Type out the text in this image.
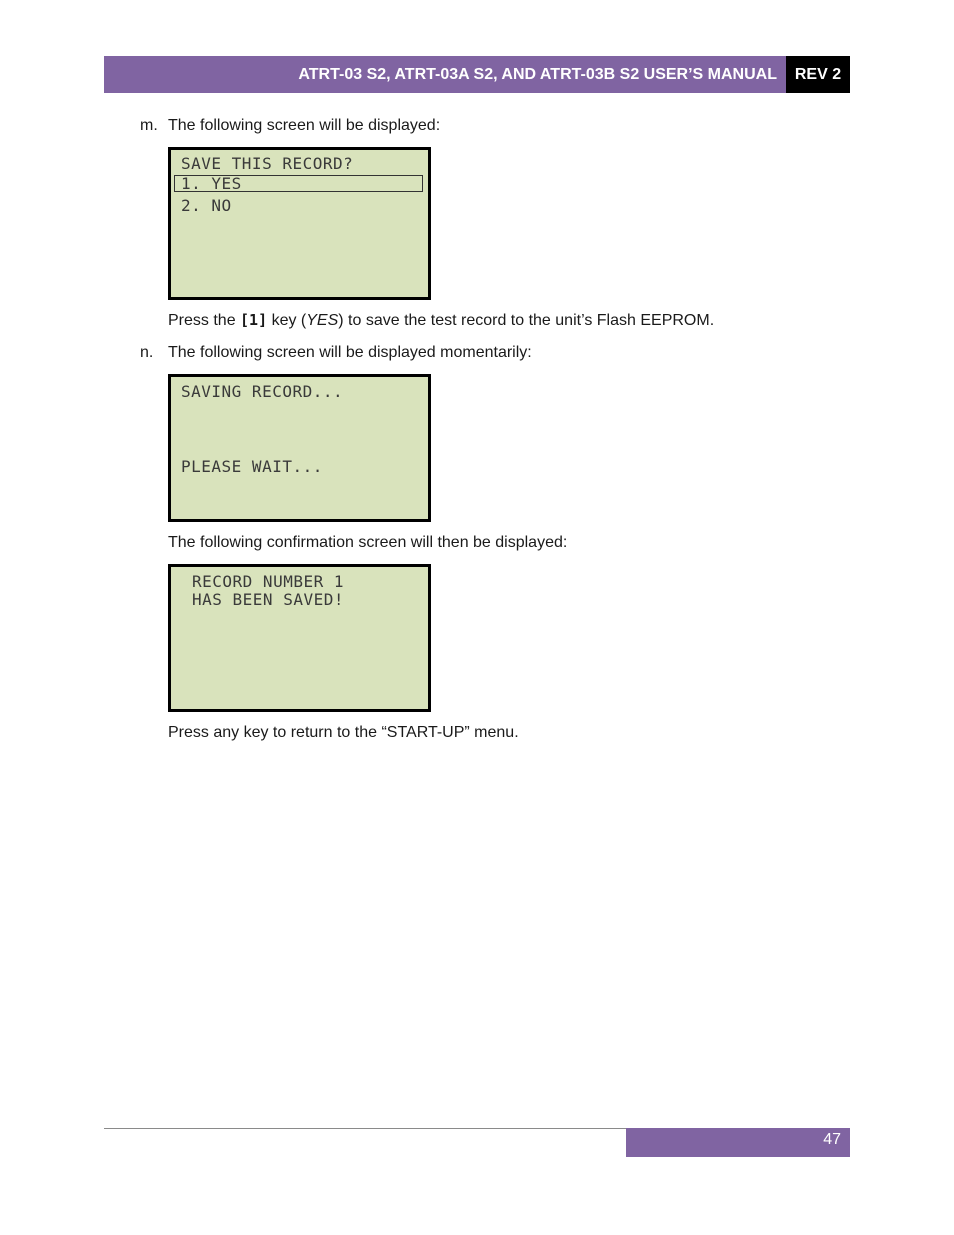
ATRT-03 S2, ATRT-03A S2, AND ATRT-03B S2 USER’S MANUAL	REV 2
m. The following screen will be displayed:
SAVE THIS RECORD?

1. YES

2. NO
Press the [1] key (YES) to save the test record to the unit’s Flash EEPROM.
n. The following screen will be displayed momentarily:
SAVING RECORD...
PLEASE WAIT...
The following confirmation screen will then be displayed:
RECORD NUMBER 1
HAS BEEN SAVED!
Press any key to return to the “START-UP” menu.
47
